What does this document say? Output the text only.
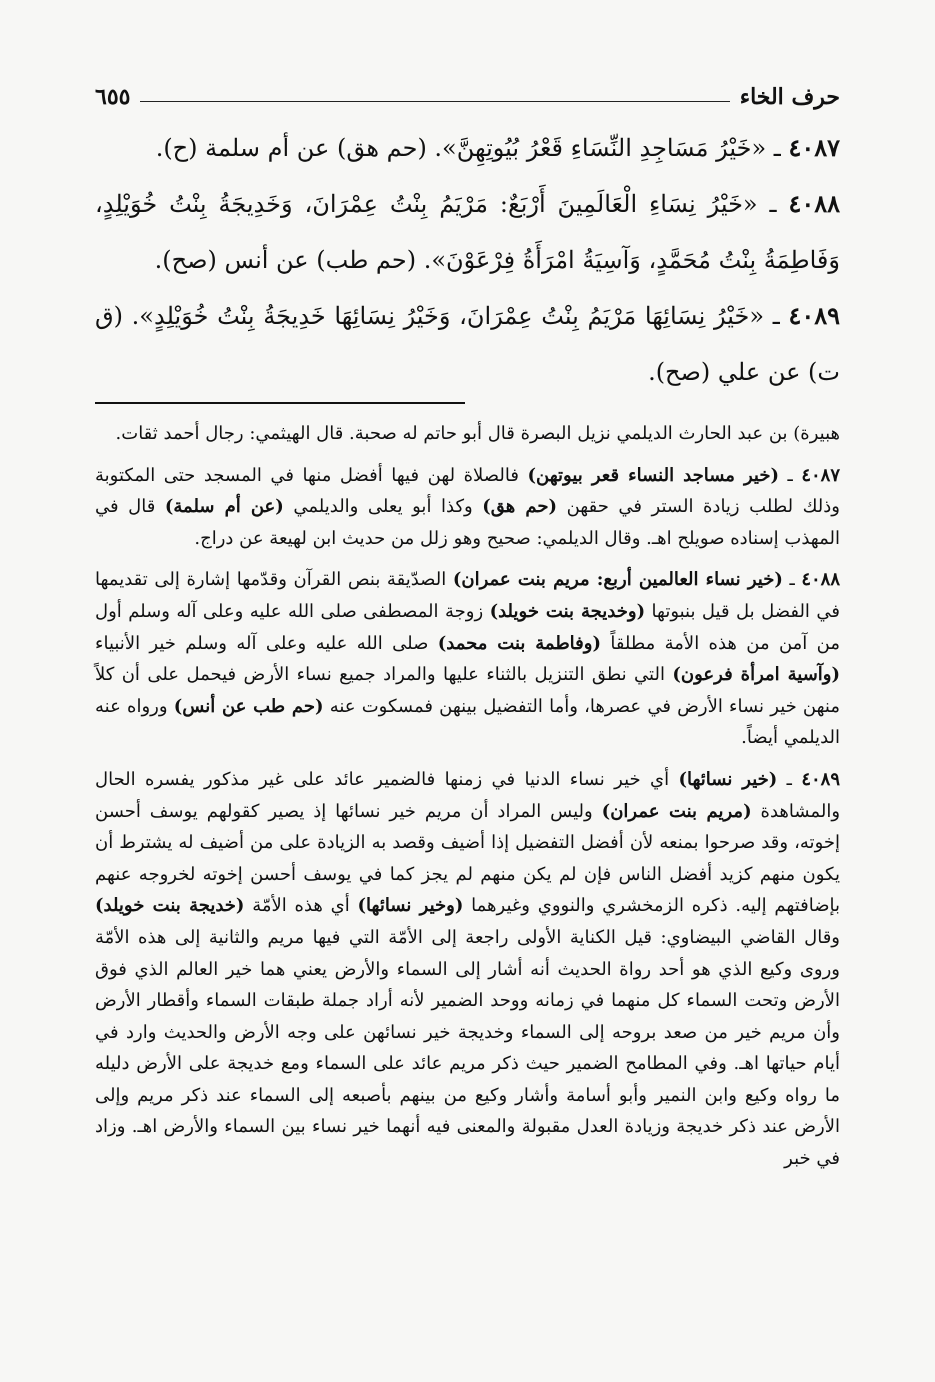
حرف الخاء
٦٥٥
٤٠٨٧ ـ «خَيْرُ مَسَاجِدِ النِّسَاءِ قَعْرُ بُيُوتِهِنَّ». (حم هق) عن أم سلمة (ح).
٤٠٨٨ ـ «خَيْرُ نِسَاءِ الْعَالَمِينَ أَرْبَعٌ: مَرْيَمُ بِنْتُ عِمْرَانَ، وَخَدِيجَةُ بِنْتُ خُوَيْلِدٍ، وَفَاطِمَةُ بِنْتُ مُحَمَّدٍ، وَآسِيَةُ امْرَأَةُ فِرْعَوْنَ». (حم طب) عن أنس (صح).
٤٠٨٩ ـ «خَيْرُ نِسَائِهَا مَرْيَمُ بِنْتُ عِمْرَانَ، وَخَيْرُ نِسَائِهَا خَدِيجَةُ بِنْتُ خُوَيْلِدٍ». (ق ت) عن علي (صح).

هبيرة) بن عبد الحارث الديلمي نزيل البصرة قال أبو حاتم له صحبة. قال الهيثمي: رجال أحمد ثقات.

٤٠٨٧ ـ (خير مساجد النساء قعر بيوتهن) فالصلاة لهن فيها أفضل منها في المسجد حتى المكتوبة وذلك لطلب زيادة الستر في حقهن (حم هق) وكذا أبو يعلى والديلمي (عن أم سلمة) قال في المهذب إسناده صويلح اهـ. وقال الديلمي: صحيح وهو زلل من حديث ابن لهيعة عن دراج.

٤٠٨٨ ـ (خير نساء العالمين أربع: مريم بنت عمران) الصدّيقة بنص القرآن وقدّمها إشارة إلى تقديمها في الفضل بل قيل بنبوتها (وخديجة بنت خويلد) زوجة المصطفى صلى الله عليه وعلى آله وسلم أول من آمن من هذه الأمة مطلقاً (وفاطمة بنت محمد) صلى الله عليه وعلى آله وسلم خير الأنبياء (وآسية امرأة فرعون) التي نطق التنزيل بالثناء عليها والمراد جميع نساء الأرض فيحمل على أن كلاً منهن خير نساء الأرض في عصرها، وأما التفضيل بينهن فمسكوت عنه (حم طب عن أنس) ورواه عنه الديلمي أيضاً.

٤٠٨٩ ـ (خير نسائها) أي خير نساء الدنيا في زمنها فالضمير عائد على غير مذكور يفسره الحال والمشاهدة (مريم بنت عمران) وليس المراد أن مريم خير نسائها إذ يصير كقولهم يوسف أحسن إخوته، وقد صرحوا بمنعه لأن أفضل التفضيل إذا أضيف وقصد به الزيادة على من أضيف له يشترط أن يكون منهم كزيد أفضل الناس فإن لم يكن منهم لم يجز كما في يوسف أحسن إخوته لخروجه عنهم بإضافتهم إليه. ذكره الزمخشري والنووي وغيرهما (وخير نسائها) أي هذه الأمّة (خديجة بنت خويلد) وقال القاضي البيضاوي: قيل الكناية الأولى راجعة إلى الأمّة التي فيها مريم والثانية إلى هذه الأمّة وروى وكيع الذي هو أحد رواة الحديث أنه أشار إلى السماء والأرض يعني هما خير العالم الذي فوق الأرض وتحت السماء كل منهما في زمانه ووحد الضمير لأنه أراد جملة طبقات السماء وأقطار الأرض وأن مريم خير من صعد بروحه إلى السماء وخديجة خير نسائهن على وجه الأرض والحديث وارد في أيام حياتها اهـ. وفي المطامح الضمير حيث ذكر مريم عائد على السماء ومع خديجة على الأرض دليله ما رواه وكيع وابن النمير وأبو أسامة وأشار وكيع من بينهم بأصبعه إلى السماء عند ذكر مريم وإلى الأرض عند ذكر خديجة وزيادة العدل مقبولة والمعنى فيه أنهما خير نساء بين السماء والأرض اهـ. وزاد في خبر
